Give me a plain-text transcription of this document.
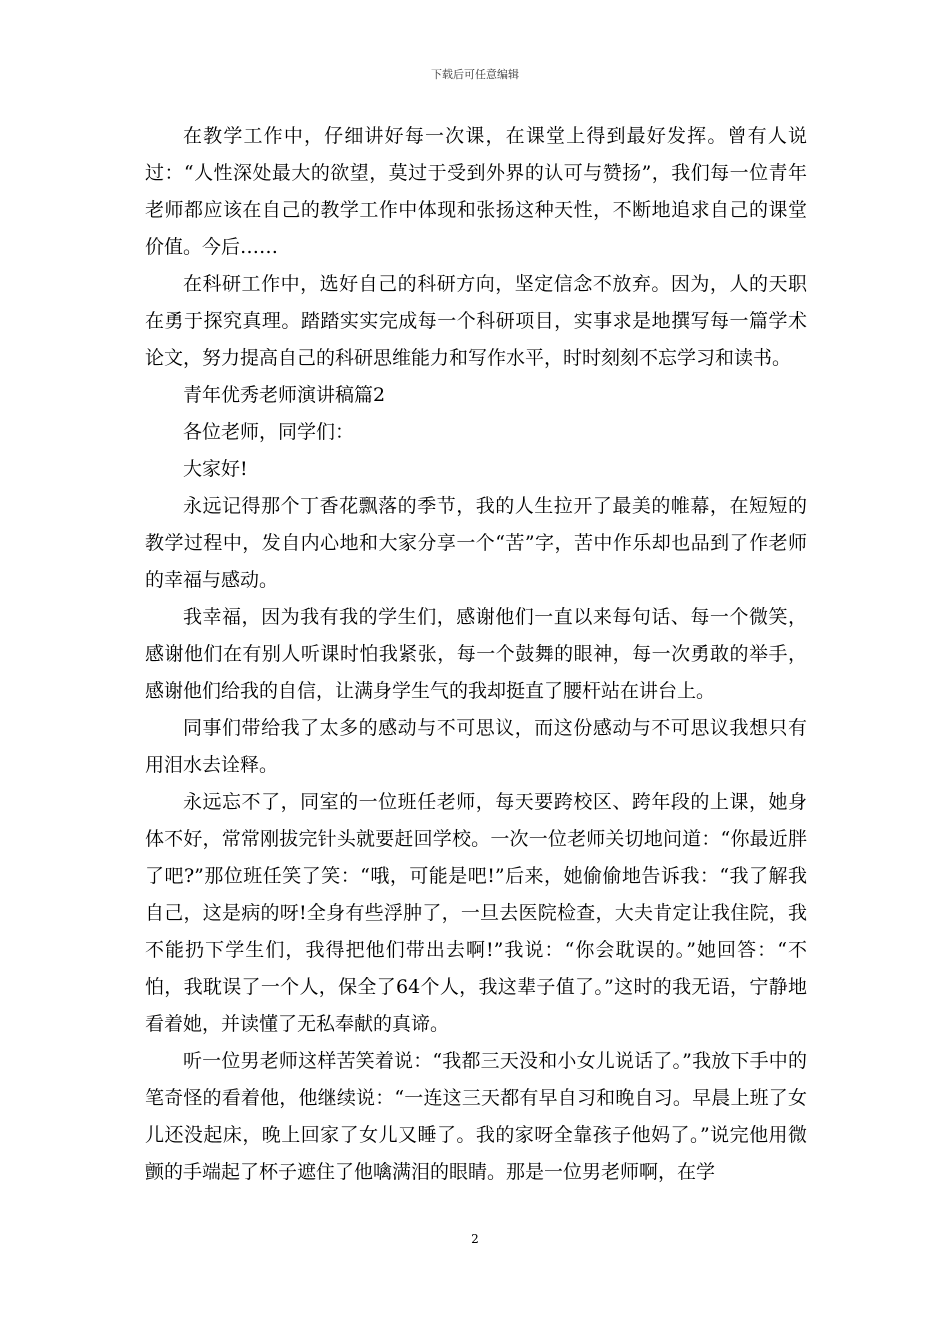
下载后可任意编辑

在教学工作中，仔细讲好每一次课，在课堂上得到最好发挥。曾有人说过：“人性深处最大的欲望，莫过于受到外界的认可与赞扬”，我们每一位青年老师都应该在自己的教学工作中体现和张扬这种天性，不断地追求自己的课堂价值。今后……

在科研工作中，选好自己的科研方向，坚定信念不放弃。因为，人的天职在勇于探究真理。踏踏实实完成每一个科研项目，实事求是地撰写每一篇学术论文，努力提高自己的科研思维能力和写作水平，时时刻刻不忘学习和读书。

青年优秀老师演讲稿篇2

各位老师，同学们：

大家好!

永远记得那个丁香花飘落的季节，我的人生拉开了最美的帷幕，在短短的教学过程中，发自内心地和大家分享一个“苦”字，苦中作乐却也品到了作老师的幸福与感动。

我幸福，因为我有我的学生们，感谢他们一直以来每句话、每一个微笑，感谢他们在有别人听课时怕我紧张，每一个鼓舞的眼神，每一次勇敢的举手，感谢他们给我的自信，让满身学生气的我却挺直了腰杆站在讲台上。

同事们带给我了太多的感动与不可思议，而这份感动与不可思议我想只有用泪水去诠释。

永远忘不了，同室的一位班任老师，每天要跨校区、跨年段的上课，她身体不好，常常刚拔完针头就要赶回学校。一次一位老师关切地问道：“你最近胖了吧?”那位班任笑了笑：“哦，可能是吧!”后来，她偷偷地告诉我：“我了解我自己，这是病的呀!全身有些浮肿了，一旦去医院检查，大夫肯定让我住院，我不能扔下学生们，我得把他们带出去啊!”我说：“你会耽误的。”她回答：“不怕，我耽误了一个人，保全了64个人，我这辈子值了。”这时的我无语，宁静地看着她，并读懂了无私奉献的真谛。

听一位男老师这样苦笑着说：“我都三天没和小女儿说话了。”我放下手中的笔奇怪的看着他，他继续说：“一连这三天都有早自习和晚自习。早晨上班了女儿还没起床，晚上回家了女儿又睡了。我的家呀全靠孩子他妈了。”说完他用微颤的手端起了杯子遮住了他噙满泪的眼睛。那是一位男老师啊，在学

2
